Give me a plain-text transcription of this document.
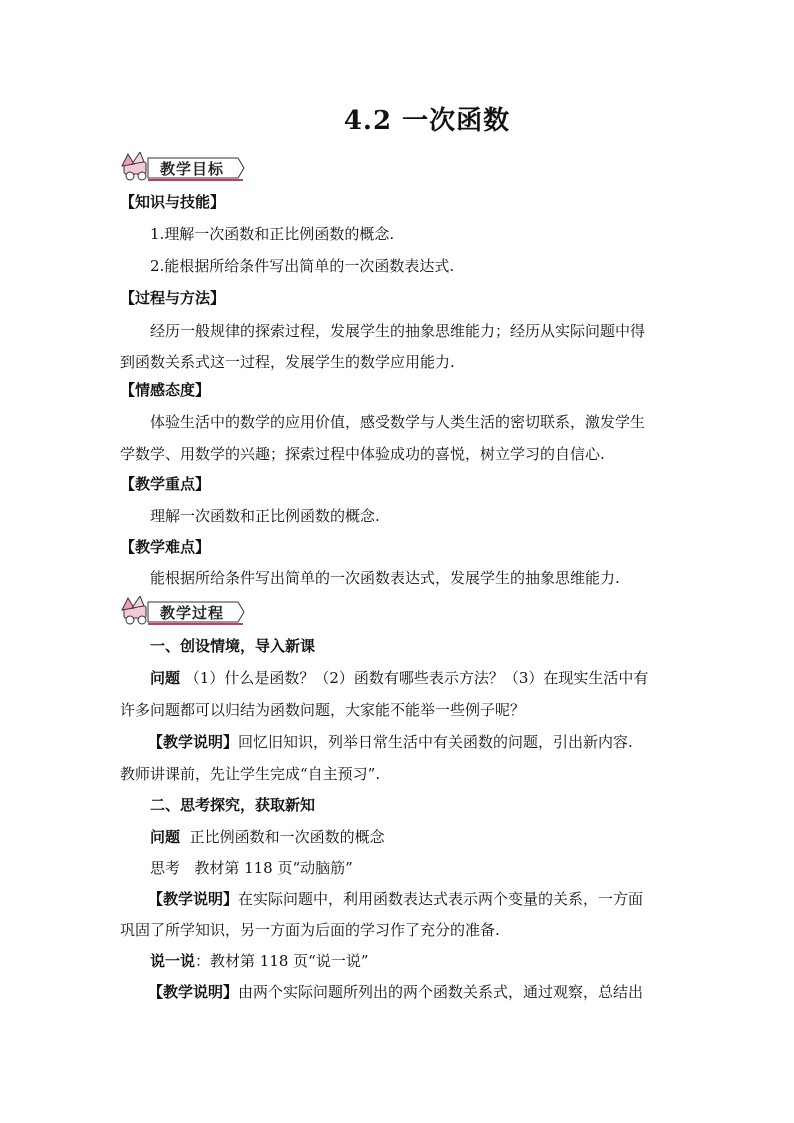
4.2 一次函数
教学目标
【知识与技能】
1.理解一次函数和正比例函数的概念.
2.能根据所给条件写出简单的一次函数表达式.
【过程与方法】
经历一般规律的探索过程，发展学生的抽象思维能力；经历从实际问题中得
到函数关系式这一过程，发展学生的数学应用能力.
【情感态度】
体验生活中的数学的应用价值，感受数学与人类生活的密切联系，激发学生
学数学、用数学的兴趣；探索过程中体验成功的喜悦，树立学习的自信心.
【教学重点】
理解一次函数和正比例函数的概念.
【教学难点】
能根据所给条件写出简单的一次函数表达式，发展学生的抽象思维能力.
教学过程
一、创设情境，导入新课
问题 （1）什么是函数？（2）函数有哪些表示方法？（3）在现实生活中有
许多问题都可以归结为函数问题，大家能不能举一些例子呢？
【教学说明】回忆旧知识，列举日常生活中有关函数的问题，引出新内容.
教师讲课前，先让学生完成“自主预习”.
二、思考探究，获取新知
问题 正比例函数和一次函数的概念
思考 教材第 118 页“动脑筋”
【教学说明】在实际问题中，利用函数表达式表示两个变量的关系，一方面
巩固了所学知识，另一方面为后面的学习作了充分的准备.
说一说：教材第 118 页“说一说”
【教学说明】由两个实际问题所列出的两个函数关系式，通过观察，总结出
